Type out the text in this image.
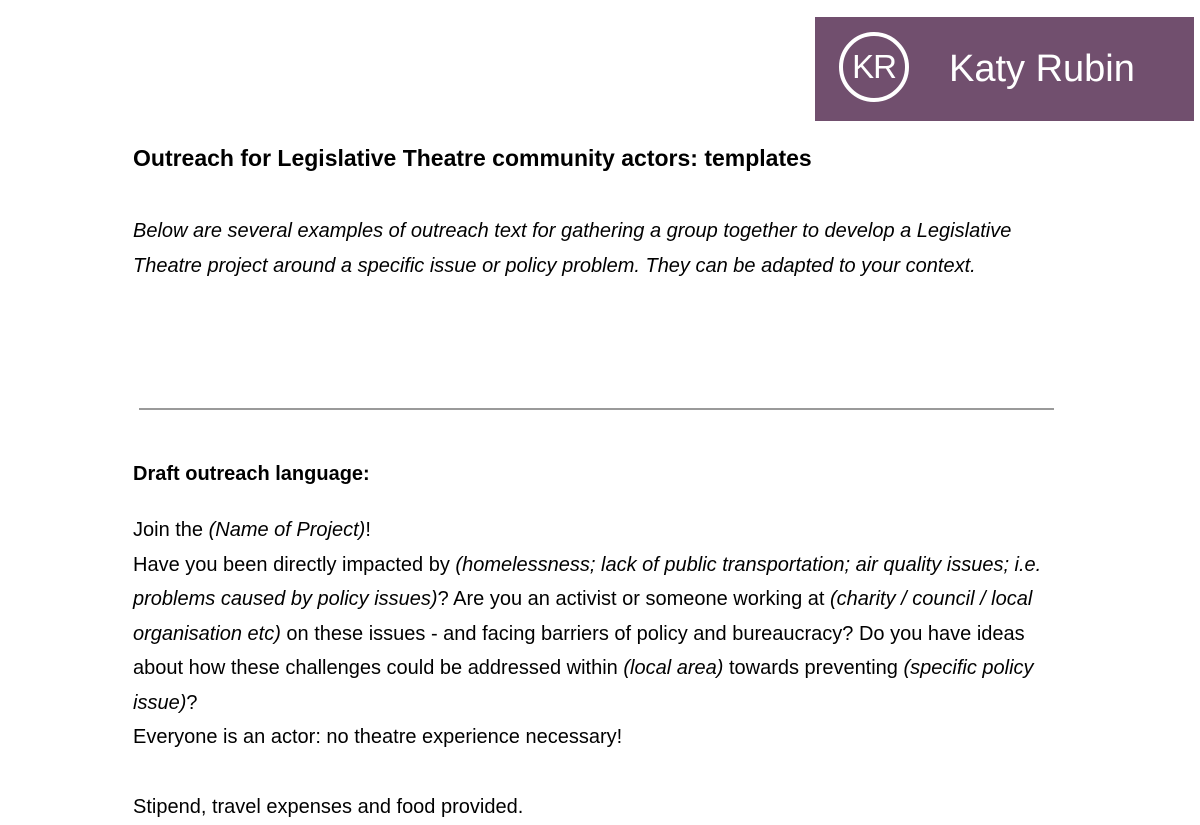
KR	Katy Rubin
Outreach for Legislative Theatre community actors: templates

Below are several examples of outreach text for gathering a group together to develop a Legislative Theatre project around a specific issue or policy problem. They can be adapted to your context.

Draft outreach language:
Join the (Name of Project)!
Have you been directly impacted by (homelessness; lack of public transportation; air quality issues; i.e. problems caused by policy issues)? Are you an activist or someone working at (charity / council / local organisation etc) on these issues - and facing barriers of policy and bureaucracy? Do you have ideas about how these challenges could be addressed within (local area) towards preventing (specific policy issue)?
Everyone is an actor: no theatre experience necessary!

Stipend, travel expenses and food provided.
